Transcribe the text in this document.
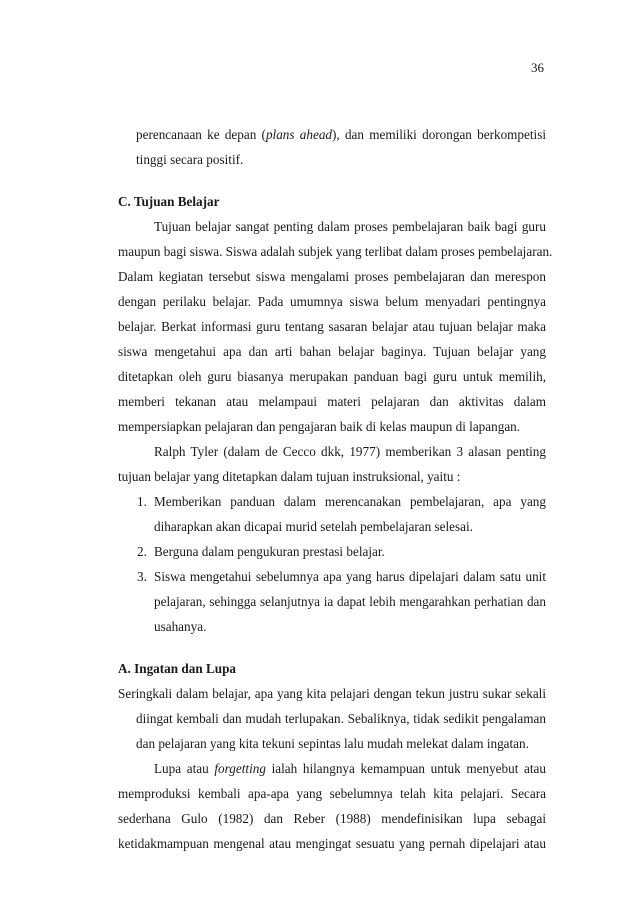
36
perencanaan ke depan (plans ahead), dan memiliki dorongan berkompetisi
tinggi secara positif.
C. Tujuan Belajar
Tujuan belajar sangat penting dalam proses pembelajaran baik bagi guru
maupun bagi siswa. Siswa adalah subjek yang terlibat dalam proses pembelajaran.
Dalam kegiatan tersebut siswa mengalami proses pembelajaran dan merespon
dengan perilaku belajar. Pada umumnya siswa belum menyadari pentingnya
belajar. Berkat informasi guru tentang sasaran belajar atau tujuan belajar maka
siswa mengetahui apa dan arti bahan belajar baginya. Tujuan belajar yang
ditetapkan oleh guru biasanya merupakan panduan bagi guru untuk memilih,
memberi tekanan atau melampaui materi pelajaran dan aktivitas dalam
mempersiapkan pelajaran dan pengajaran baik di kelas maupun di lapangan.
Ralph Tyler (dalam de Cecco dkk, 1977) memberikan 3 alasan penting
tujuan belajar yang ditetapkan dalam tujuan instruksional, yaitu :
1. Memberikan panduan dalam merencanakan pembelajaran, apa yang
diharapkan akan dicapai murid setelah pembelajaran selesai.
2. Berguna dalam pengukuran prestasi belajar.
3. Siswa mengetahui sebelumnya apa yang harus dipelajari dalam satu unit
pelajaran, sehingga selanjutnya ia dapat lebih mengarahkan perhatian dan
usahanya.
A. Ingatan dan Lupa
Seringkali dalam belajar, apa yang kita pelajari dengan tekun justru sukar sekali
diingat kembali dan mudah terlupakan. Sebaliknya, tidak sedikit pengalaman
dan pelajaran yang kita tekuni sepintas lalu mudah melekat dalam ingatan.
Lupa atau forgetting ialah hilangnya kemampuan untuk menyebut atau
memproduksi kembali apa-apa yang sebelumnya telah kita pelajari. Secara
sederhana Gulo (1982) dan Reber (1988) mendefinisikan lupa sebagai
ketidakmampuan mengenal atau mengingat sesuatu yang pernah dipelajari atau
